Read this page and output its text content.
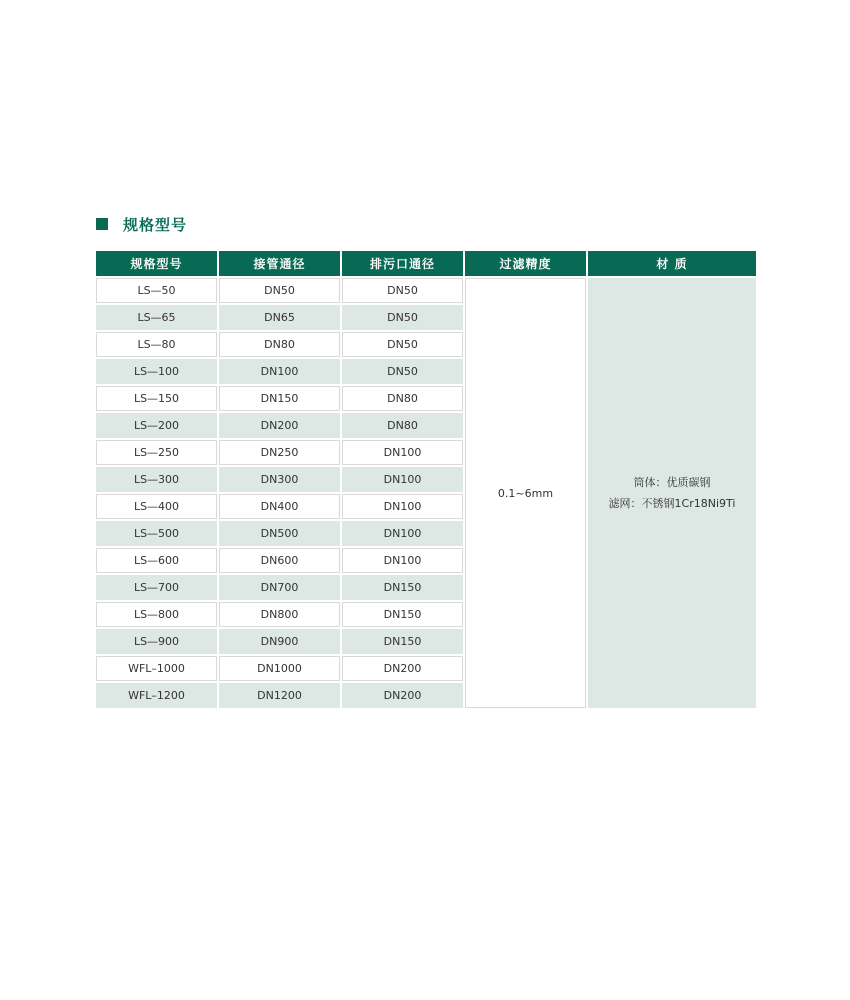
规格型号
规格型号	接管通径	排污口通径	过滤精度	材 质
0.1~6mm
筒体：优质碳钢
滤网：不锈钢1Cr18Ni9Ti
LS—50	DN50	DN50
LS—65	DN65	DN50
LS—80	DN80	DN50
LS—100	DN100	DN50
LS—150	DN150	DN80
LS—200	DN200	DN80
LS—250	DN250	DN100
LS—300	DN300	DN100
LS—400	DN400	DN100
LS—500	DN500	DN100
LS—600	DN600	DN100
LS—700	DN700	DN150
LS—800	DN800	DN150
LS—900	DN900	DN150
WFL–1000	DN1000	DN200
WFL–1200	DN1200	DN200
